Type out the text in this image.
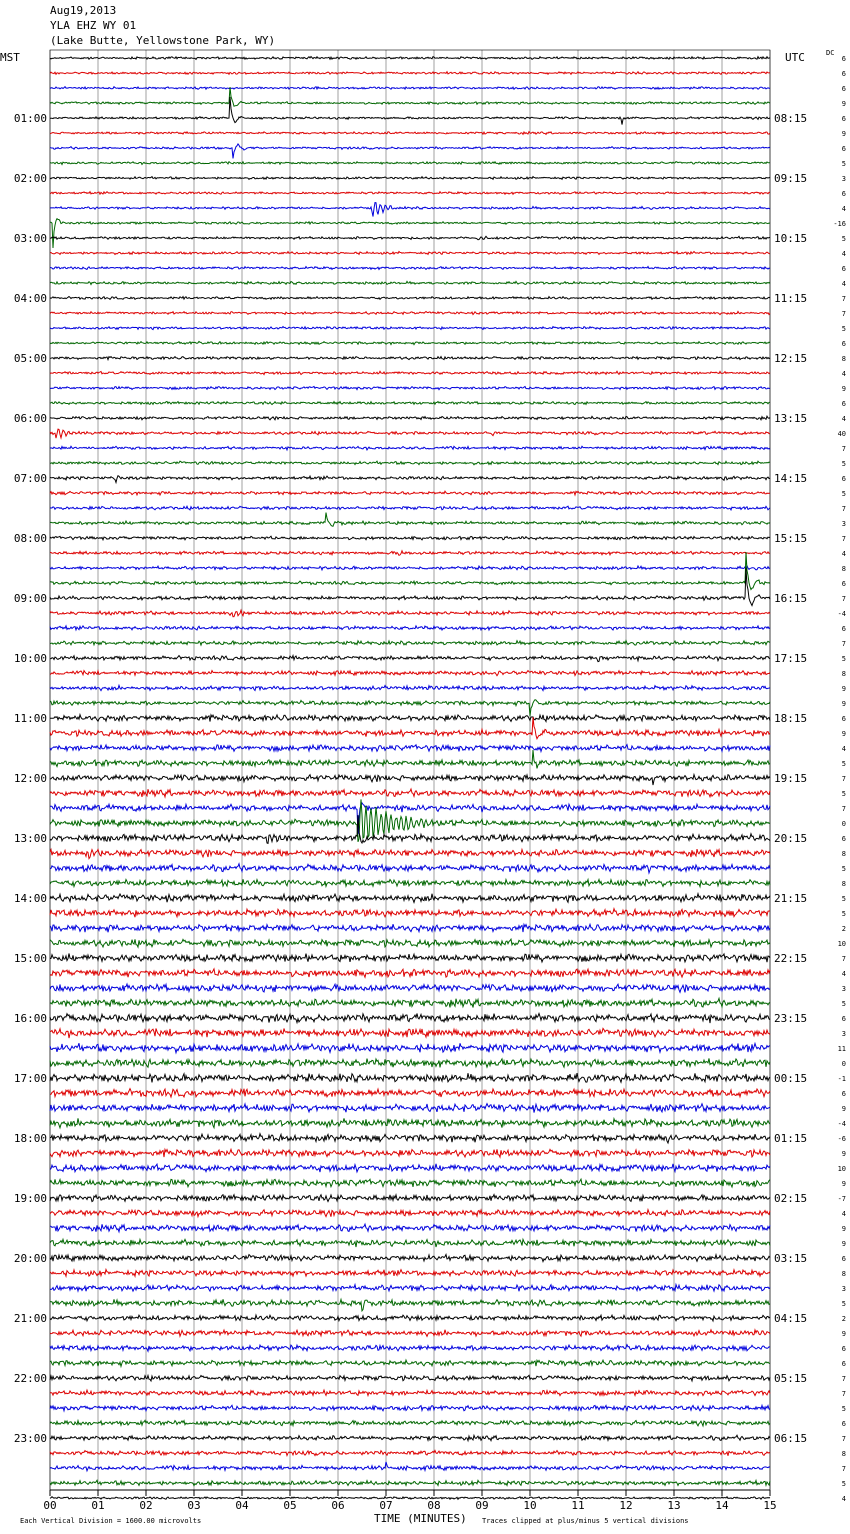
Aug19,2013
YLA EHZ WY 01
(Lake Butte, Yellowstone Park, WY)
MST	UTC	DC
TIME (MINUTES)
Each Vertical Division = 1600.00 microvolts	Traces clipped at plus/minus 5 vertical divisions
00	01	02	03	04	05	06	07	08	09	10	11	12	13	14	15
01:00	08:15
02:00	09:15
03:00	10:15
04:00	11:15
05:00	12:15
06:00	13:15
07:00	14:15
08:00	15:15
09:00	16:15
10:00	17:15
11:00	18:15
12:00	19:15
13:00	20:15
14:00	21:15
15:00	22:15
16:00	23:15
17:00	00:15
18:00	01:15
19:00	02:15
20:00	03:15
21:00	04:15
22:00	05:15
23:00	06:15
6
6
6
9
6
9
6
5
3
6
4
-16
5
4
6
4
7
7
5
6
8
4
9
6
4
40
7
5
6
5
7
3
7
4
8
6
7
-4
6
7
5
8
9
9
6
9
4
5
7
5
7
0
6
8
5
8
5
5
2
10
7
4
3
5
6
3
11
0
-1
6
9
-4
-6
9
10
9
-7
4
9
9
6
8
3
5
2
9
6
6
7
7
5
6
7
8
7
5
4
